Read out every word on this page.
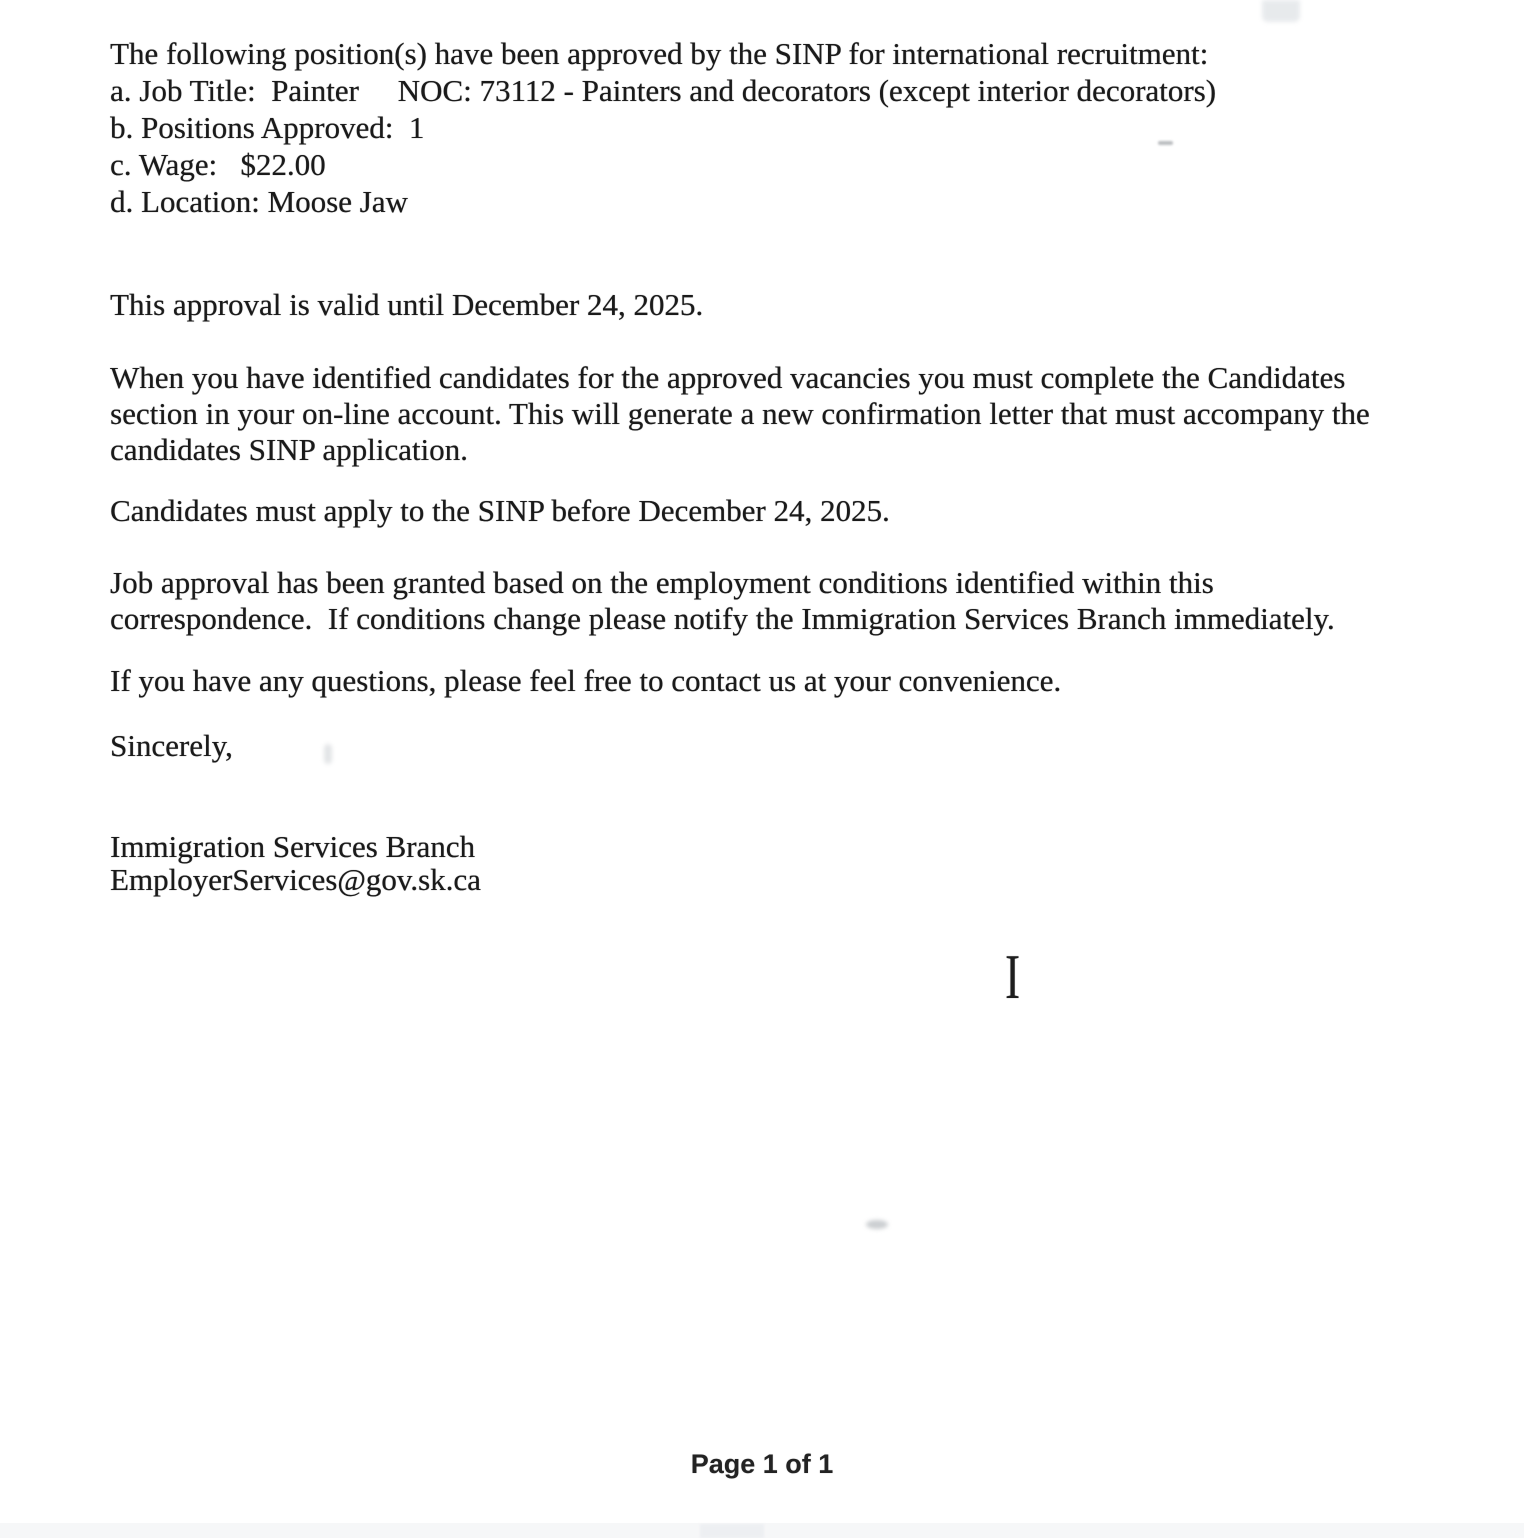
The following position(s) have been approved by the SINP for international recruitment:
a. Job Title:  Painter     NOC: 73112 - Painters and decorators (except interior decorators)
b. Positions Approved:  1
c. Wage:   $22.00
d. Location: Moose Jaw
This approval is valid until December 24, 2025.
When you have identified candidates for the approved vacancies you must complete the Candidates
section in your on-line account. This will generate a new confirmation letter that must accompany the
candidates SINP application.
Candidates must apply to the SINP before December 24, 2025.
Job approval has been granted based on the employment conditions identified within this
correspondence.  If conditions change please notify the Immigration Services Branch immediately.
If you have any questions, please feel free to contact us at your convenience.
Sincerely,
Immigration Services Branch
EmployerServices@gov.sk.ca
I
Page 1 of 1
